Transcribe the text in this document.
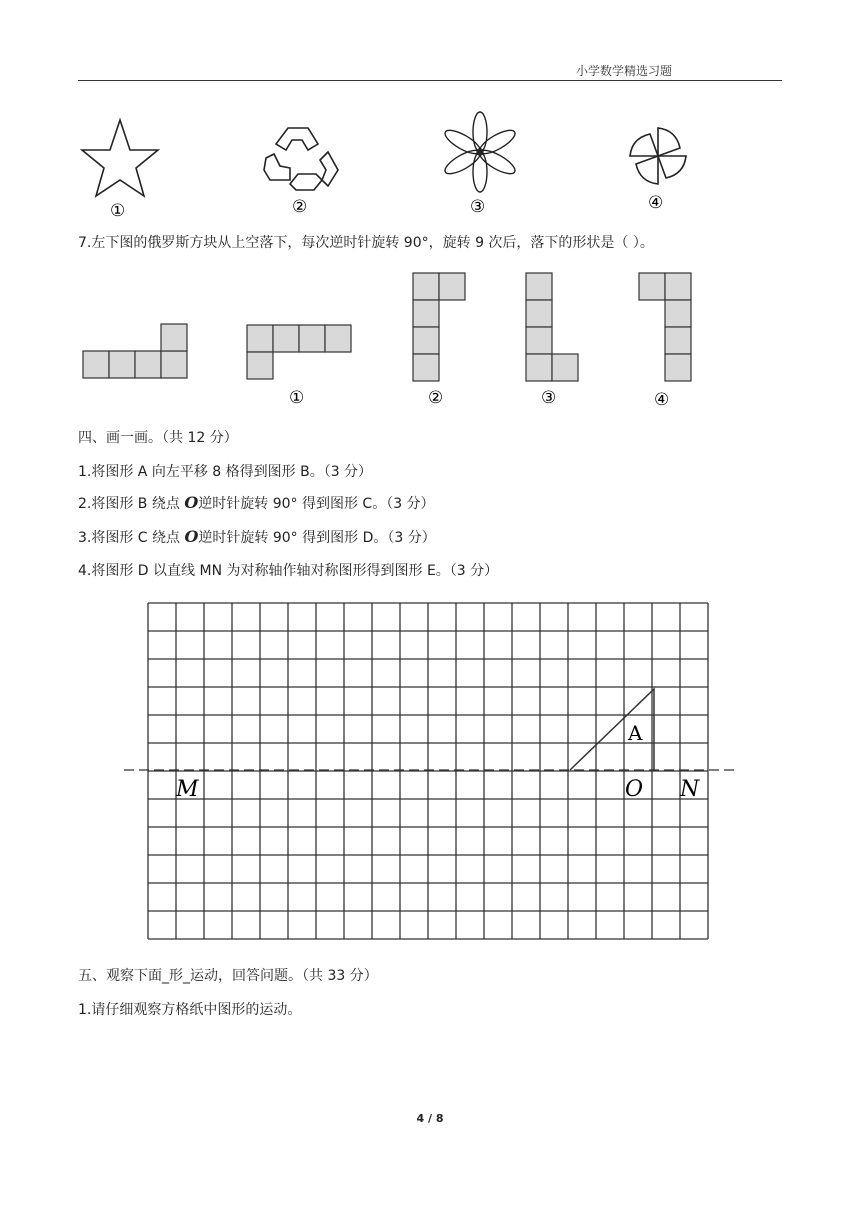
小学数学精选习题
①	②	③	④
7.左下图的俄罗斯方块从上空落下，每次逆时针旋转 90°，旋转 9 次后，落下的形状是（ ）。
①	②	③	④
四、画一画。（共 12 分）
1.将图形 A 向左平移 8 格得到图形 B。（3 分）
2.将图形 B 绕点 O逆时针旋转 90° 得到图形 C。（3 分）
3.将图形 C 绕点 O逆时针旋转 90° 得到图形 D。（3 分）
4.将图形 D 以直线 MN 为对称轴作轴对称图形得到图形 E。（3 分）
A
M	O N
五、观察下面_形_运动，回答问题。（共 33 分）
1.请仔细观察方格纸中图形的运动。
4 / 8
